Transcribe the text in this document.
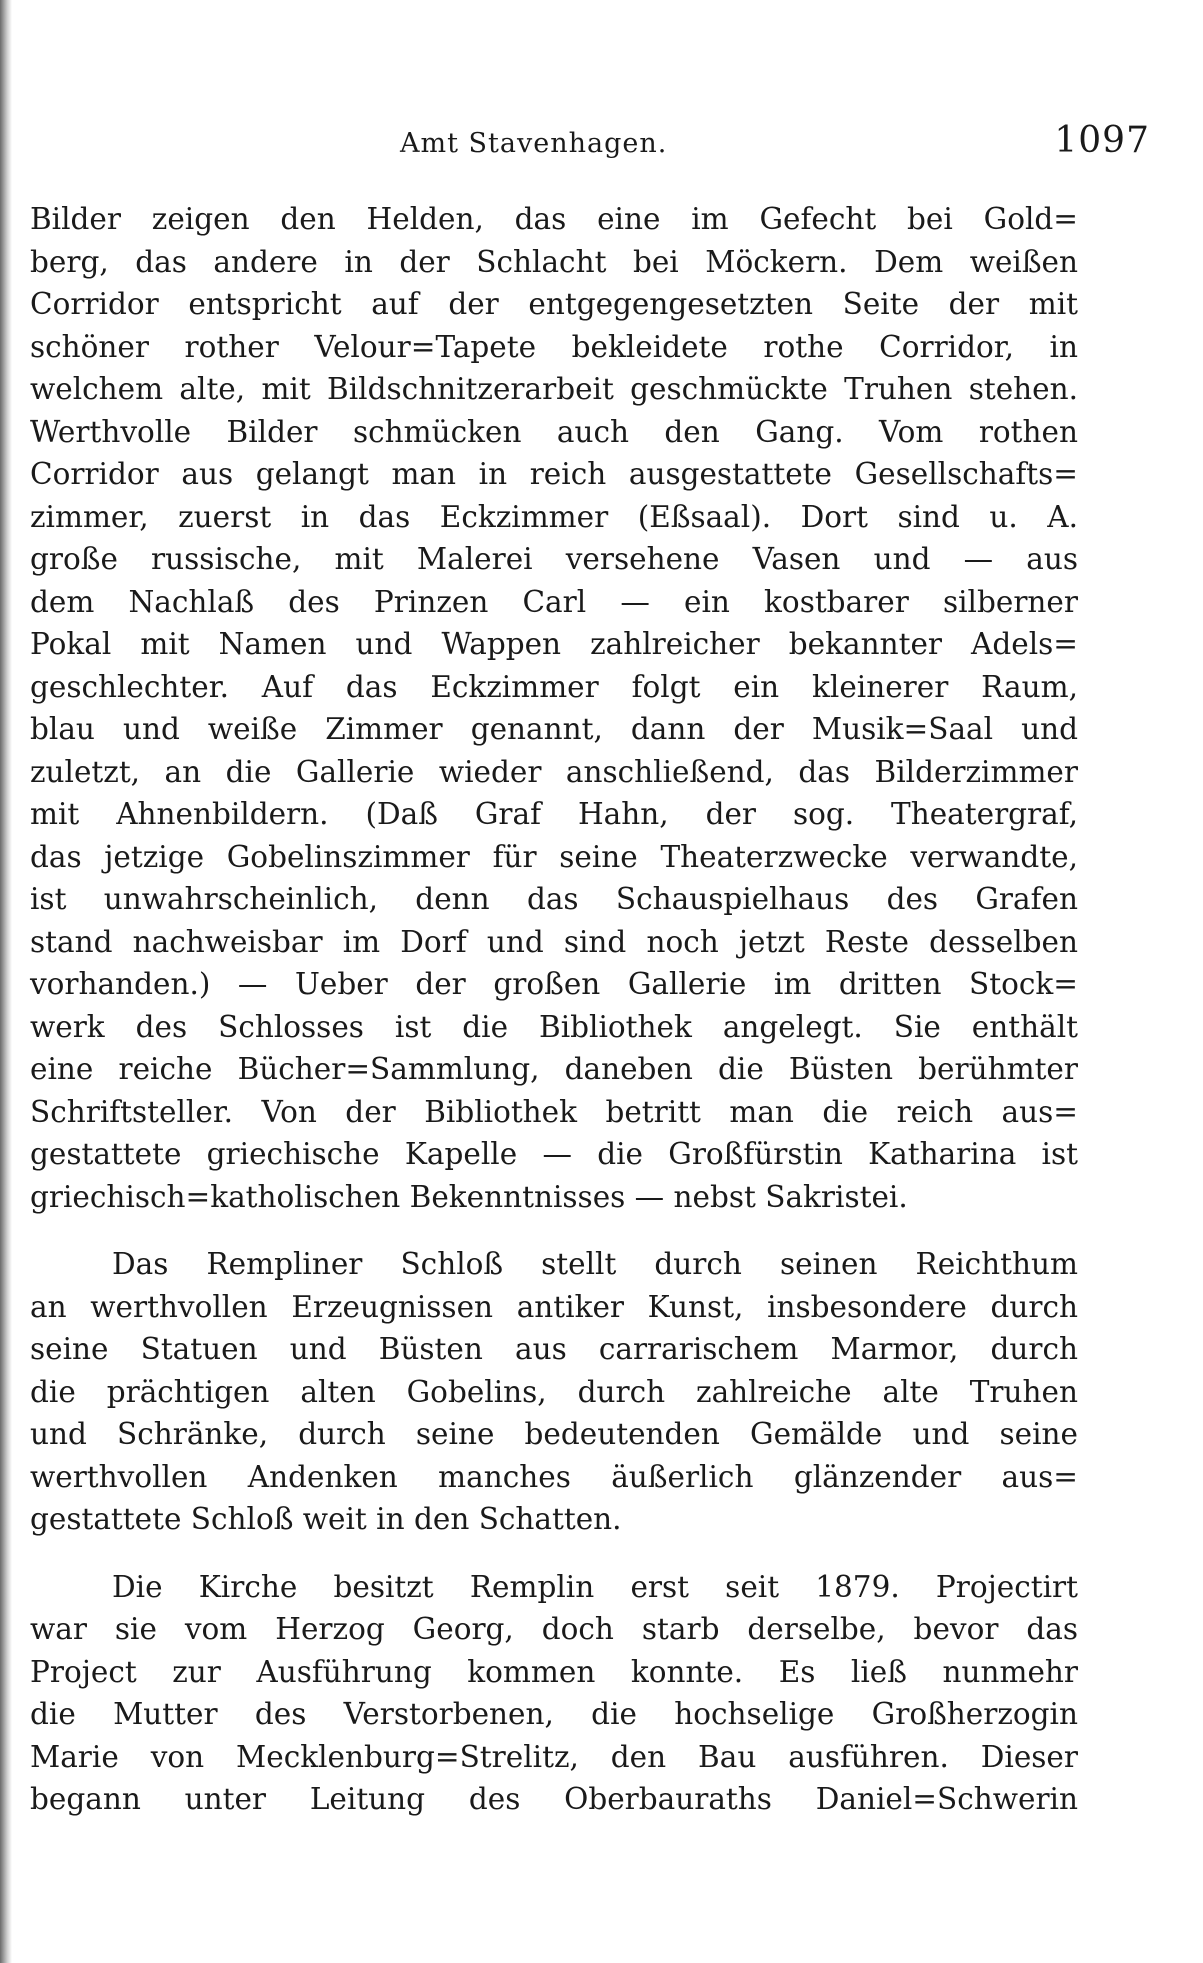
Amt Stavenhagen.	1097
Bilder zeigen den Helden, das eine im Gefecht bei Gold=
berg, das andere in der Schlacht bei Möckern. Dem weißen
Corridor entspricht auf der entgegengesetzten Seite der mit
schöner rother Velour=Tapete bekleidete rothe Corridor, in
welchem alte, mit Bildschnitzerarbeit geschmückte Truhen stehen.
Werthvolle Bilder schmücken auch den Gang. Vom rothen
Corridor aus gelangt man in reich ausgestattete Gesellschafts=
zimmer, zuerst in das Eckzimmer (Eßsaal). Dort sind u. A.
große russische, mit Malerei versehene Vasen und — aus
dem Nachlaß des Prinzen Carl — ein kostbarer silberner
Pokal mit Namen und Wappen zahlreicher bekannter Adels=
geschlechter. Auf das Eckzimmer folgt ein kleinerer Raum,
blau und weiße Zimmer genannt, dann der Musik=Saal und
zuletzt, an die Gallerie wieder anschließend, das Bilderzimmer
mit Ahnenbildern. (Daß Graf Hahn, der sog. Theatergraf,
das jetzige Gobelinszimmer für seine Theaterzwecke verwandte,
ist unwahrscheinlich, denn das Schauspielhaus des Grafen
stand nachweisbar im Dorf und sind noch jetzt Reste desselben
vorhanden.) — Ueber der großen Gallerie im dritten Stock=
werk des Schlosses ist die Bibliothek angelegt. Sie enthält
eine reiche Bücher=Sammlung, daneben die Büsten berühmter
Schriftsteller. Von der Bibliothek betritt man die reich aus=
gestattete griechische Kapelle — die Großfürstin Katharina ist
griechisch=katholischen Bekenntnisses — nebst Sakristei.
Das Rempliner Schloß stellt durch seinen Reichthum
an werthvollen Erzeugnissen antiker Kunst, insbesondere durch
seine Statuen und Büsten aus carrarischem Marmor, durch
die prächtigen alten Gobelins, durch zahlreiche alte Truhen
und Schränke, durch seine bedeutenden Gemälde und seine
werthvollen Andenken manches äußerlich glänzender aus=
gestattete Schloß weit in den Schatten.
Die Kirche besitzt Remplin erst seit 1879. Projectirt
war sie vom Herzog Georg, doch starb derselbe, bevor das
Project zur Ausführung kommen konnte. Es ließ nunmehr
die Mutter des Verstorbenen, die hochselige Großherzogin
Marie von Mecklenburg=Strelitz, den Bau ausführen. Dieser
begann unter Leitung des Oberbauraths Daniel=Schwerin
